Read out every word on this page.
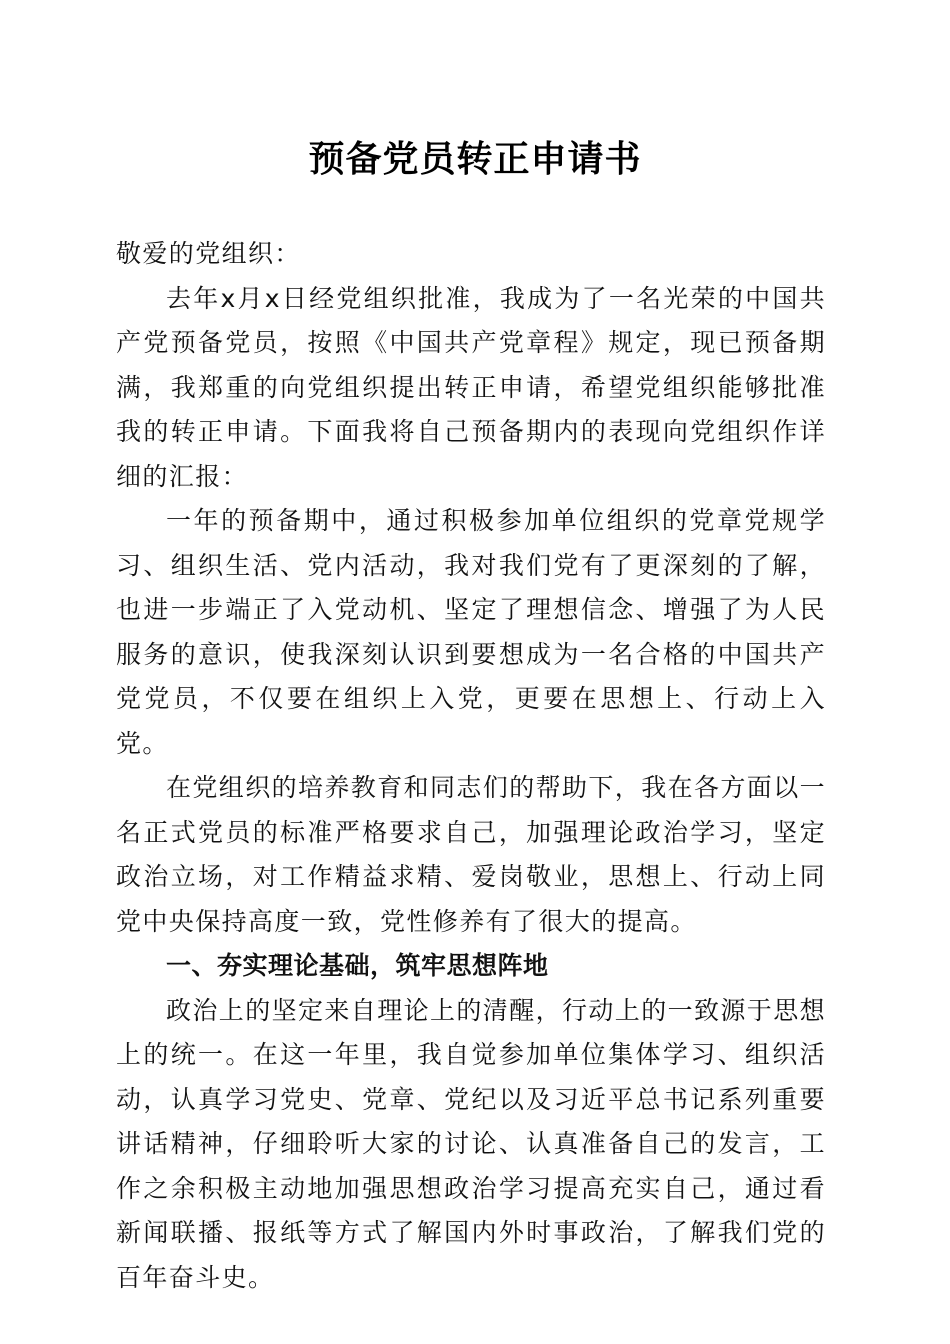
预备党员转正申请书

敬爱的党组织：

去年x月x日经党组织批准，我成为了一名光荣的中国共产党预备党员，按照《中国共产党章程》规定，现已预备期满，我郑重的向党组织提出转正申请，希望党组织能够批准我的转正申请。下面我将自己预备期内的表现向党组织作详细的汇报：

一年的预备期中，通过积极参加单位组织的党章党规学习、组织生活、党内活动，我对我们党有了更深刻的了解，也进一步端正了入党动机、坚定了理想信念、增强了为人民服务的意识，使我深刻认识到要想成为一名合格的中国共产党党员，不仅要在组织上入党，更要在思想上、行动上入党。

在党组织的培养教育和同志们的帮助下，我在各方面以一名正式党员的标准严格要求自己，加强理论政治学习，坚定政治立场，对工作精益求精、爱岗敬业，思想上、行动上同党中央保持高度一致，党性修养有了很大的提高。

一、夯实理论基础，筑牢思想阵地

政治上的坚定来自理论上的清醒，行动上的一致源于思想上的统一。在这一年里，我自觉参加单位集体学习、组织活动，认真学习党史、党章、党纪以及习近平总书记系列重要讲话精神，仔细聆听大家的讨论、认真准备自己的发言，工作之余积极主动地加强思想政治学习提高充实自己，通过看新闻联播、报纸等方式了解国内外时事政治，了解我们党的百年奋斗史。
